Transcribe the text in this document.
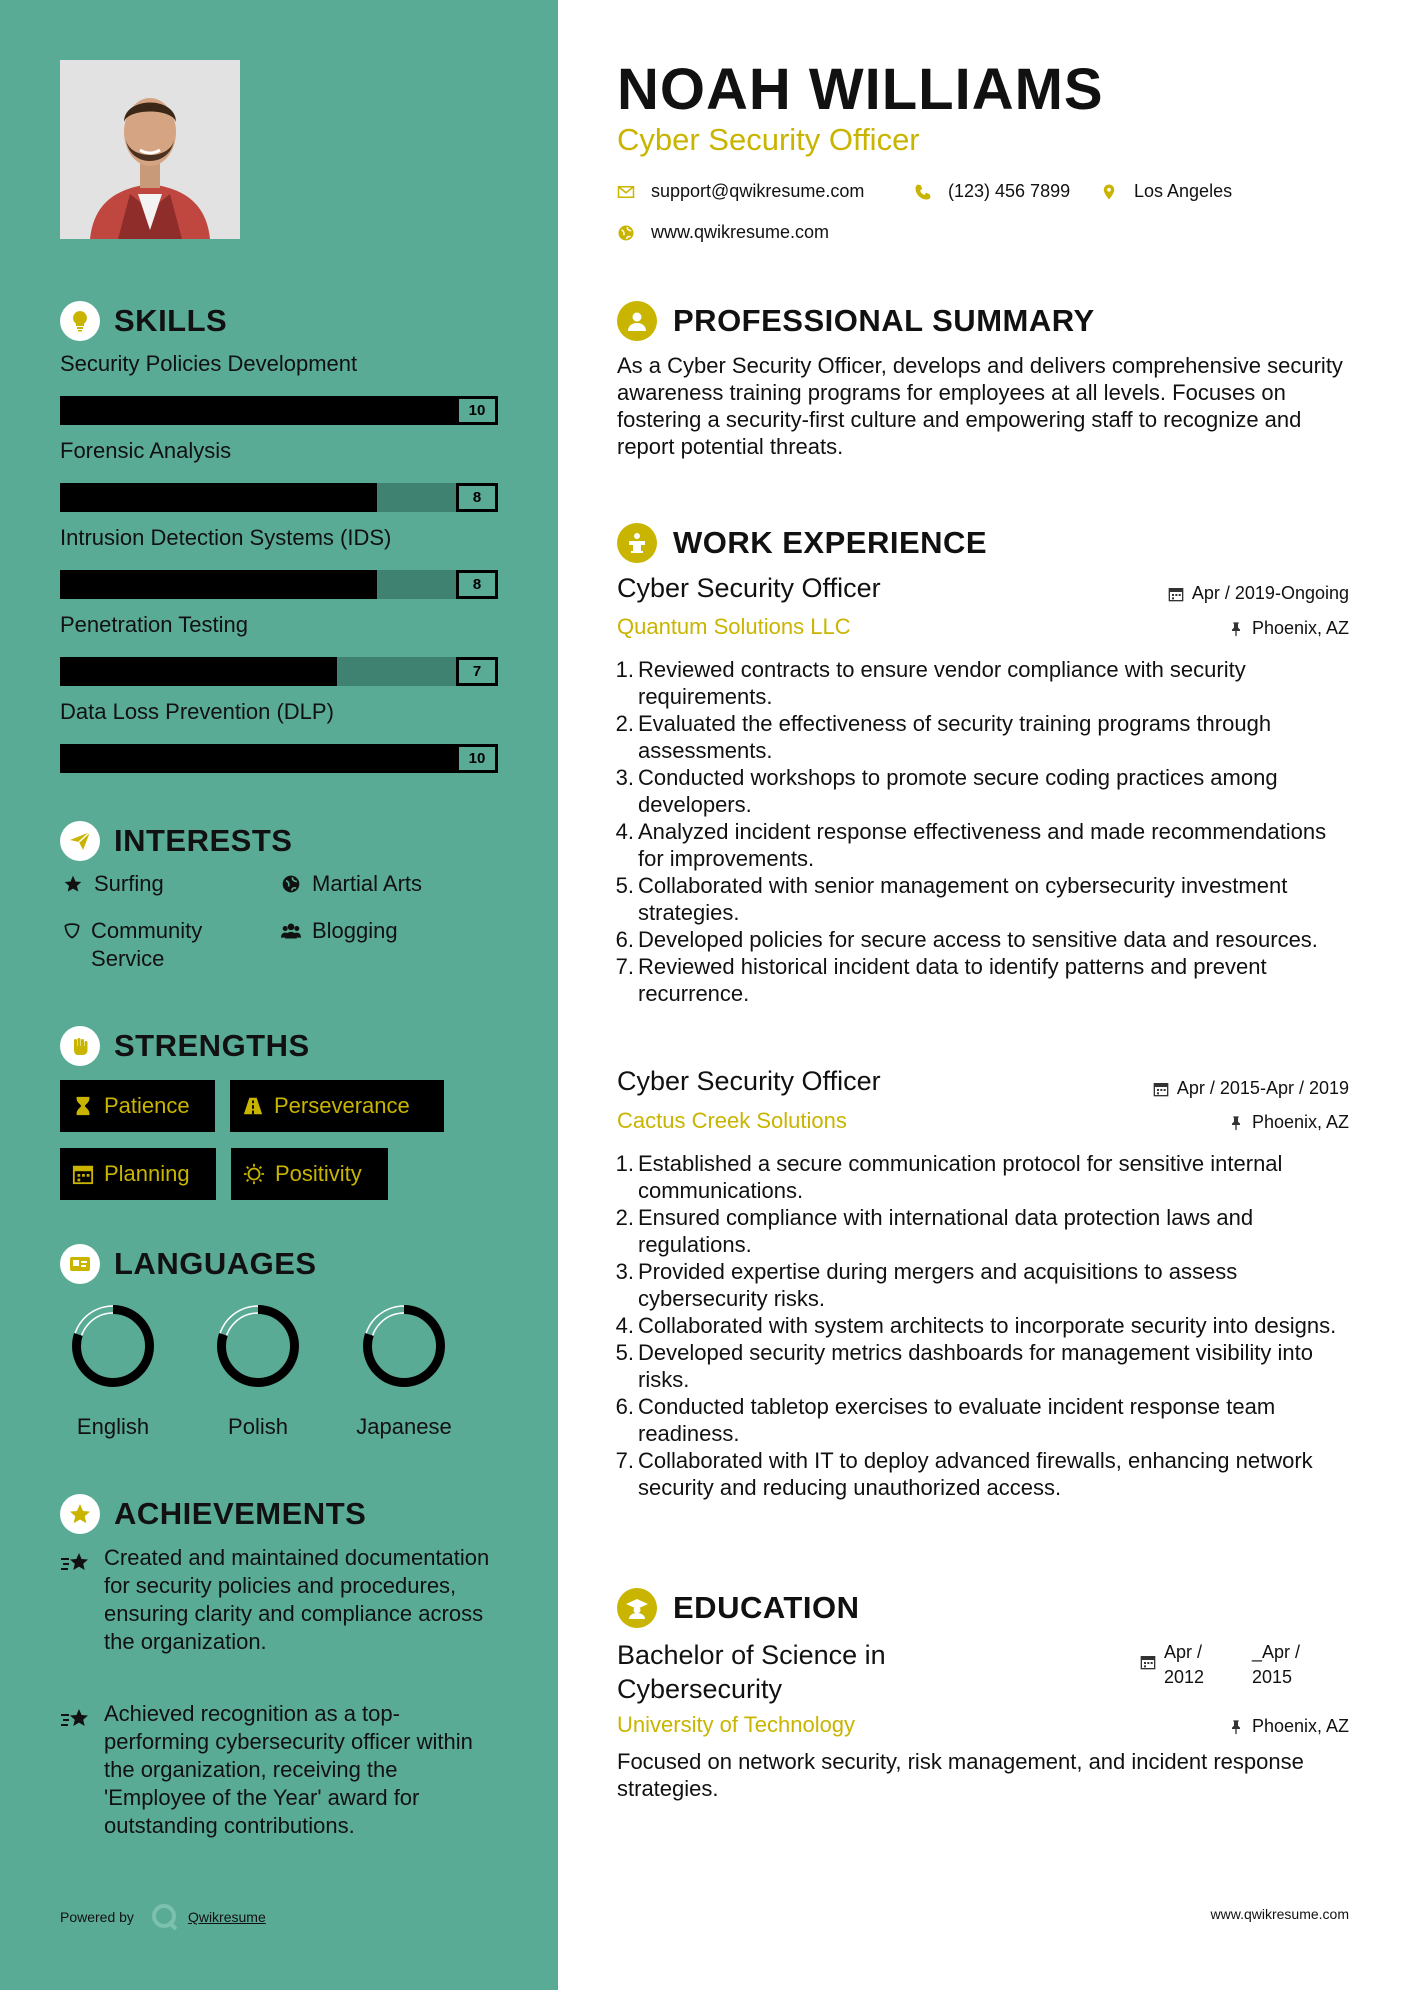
SKILLS
Security Policies Development
10
Forensic Analysis
8
Intrusion Detection Systems (IDS)
8
Penetration Testing
7
Data Loss Prevention (DLP)
10
INTERESTS
Surfing	Martial Arts
Community Service
Blogging
STRENGTHS
Patience	Perseverance
Planning	Positivity
LANGUAGES
English	Polish	Japanese
ACHIEVEMENTS
Created and maintained documentation for security policies and procedures, ensuring clarity and compliance across the organization.
Achieved recognition as a top-performing cybersecurity officer within the organization, receiving the 'Employee of the Year' award for outstanding contributions.
Powered by	Qwikresume
NOAH WILLIAMS
Cyber Security Officer
support@qwikresume.com	(123) 456 7899	Los Angeles
www.qwikresume.com
PROFESSIONAL SUMMARY
As a Cyber Security Officer, develops and delivers comprehensive security awareness training programs for employees at all levels. Focuses on fostering a security-first culture and empowering staff to recognize and report potential threats.
WORK EXPERIENCE
Cyber Security Officer	Apr / 2019-Ongoing
Quantum Solutions LLC	Phoenix, AZ
1. Reviewed contracts to ensure vendor compliance with security requirements.
2. Evaluated the effectiveness of security training programs through assessments.
3. Conducted workshops to promote secure coding practices among developers.
4. Analyzed incident response effectiveness and made recommendations for improvements.
5. Collaborated with senior management on cybersecurity investment strategies.
6. Developed policies for secure access to sensitive data and resources.
7. Reviewed historical incident data to identify patterns and prevent recurrence.
Cyber Security Officer	Apr / 2015-Apr / 2019
Cactus Creek Solutions	Phoenix, AZ
1. Established a secure communication protocol for sensitive internal communications.
2. Ensured compliance with international data protection laws and regulations.
3. Provided expertise during mergers and acquisitions to assess cybersecurity risks.
4. Collaborated with system architects to incorporate security into designs.
5. Developed security metrics dashboards for management visibility into risks.
6. Conducted tabletop exercises to evaluate incident response team readiness.
7. Collaborated with IT to deploy advanced firewalls, enhancing network security and reducing unauthorized access.
EDUCATION
Bachelor of Science in Cybersecurity
Apr /
2012
_Apr /
2015
University of Technology	Phoenix, AZ
Focused on network security, risk management, and incident response strategies.
www.qwikresume.com
